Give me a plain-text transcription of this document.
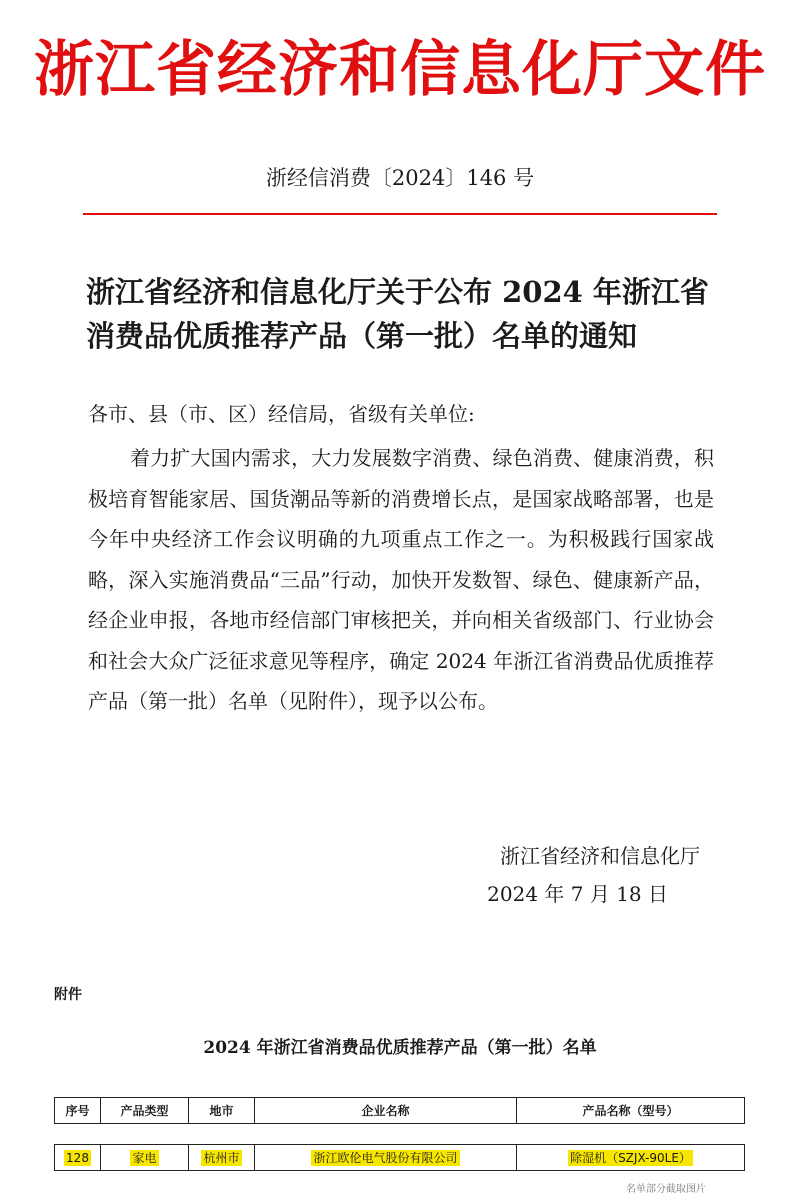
浙江省经济和信息化厅文件
浙经信消费〔2024〕146 号
浙江省经济和信息化厅关于公布 2024 年浙江省消费品优质推荐产品（第一批）名单的通知
各市、县（市、区）经信局，省级有关单位:
着力扩大国内需求，大力发展数字消费、绿色消费、健康消费，积极培育智能家居、国货潮品等新的消费增长点，是国家战略部署，也是今年中央经济工作会议明确的九项重点工作之一。为积极践行国家战略，深入实施消费品“三品”行动，加快开发数智、绿色、健康新产品，经企业申报，各地市经信部门审核把关，并向相关省级部门、行业协会和社会大众广泛征求意见等程序，确定 2024 年浙江省消费品优质推荐产品（第一批）名单（见附件），现予以公布。
浙江省经济和信息化厅
2024 年 7 月 18 日
附件
2024 年浙江省消费品优质推荐产品（第一批）名单
序号	产品类型	地市	企业名称	产品名称（型号）
128	家电	杭州市	浙江欧伦电气股份有限公司	除湿机（SZJX-90LE）
名单部分截取图片
